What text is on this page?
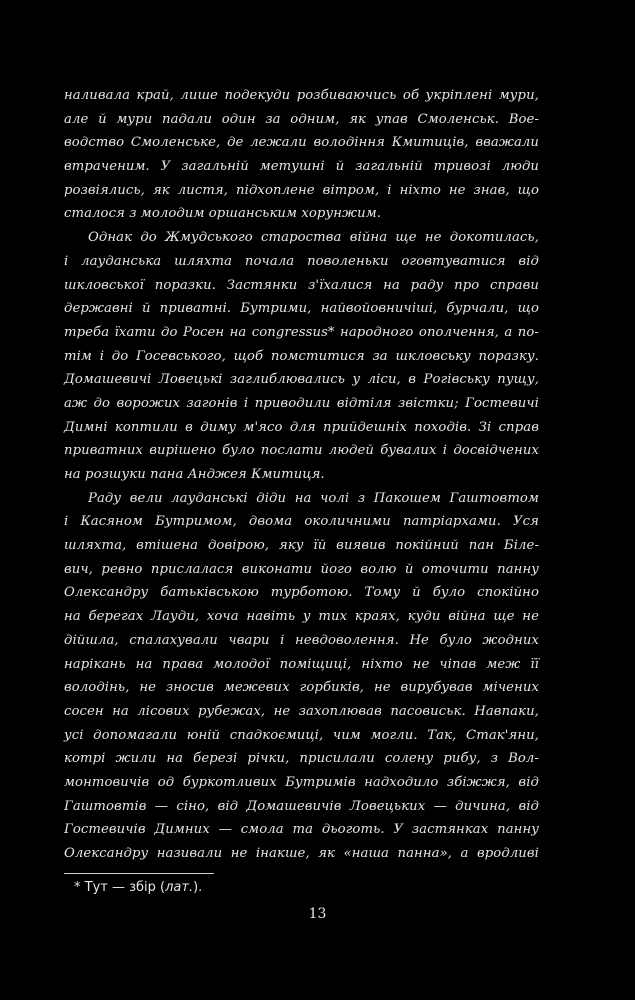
наливала край, лише подекуди розбиваючись об укріплені мури,
але й мури падали один за одним, як упав Смоленськ. Вое-
водство Смоленське, де лежали володіння Кмитиців, вважали
втраченим. У загальній метушні й загальній тривозі люди
розвіялись, як листя, підхоплене вітром, і ніхто не знав, що
сталося з молодим оршанським хорунжим.
Однак до Жмудського староства війна ще не докотилась,
і лауданська шляхта почала поволеньки оговтуватися від
шкловської поразки. Застянки з'їхалися на раду про справи
державні й приватні. Бутрими, найвойовничіші, бурчали, що
треба їхати до Росен на congressus* народного ополчення, а по-
тім і до Госевського, щоб помститися за шкловську поразку.
Домашевичі Ловецькі заглиблювались у ліси, в Рогівську пущу,
аж до ворожих загонів і приводили відтіля звістки; Гостевичі
Димні коптили в диму м'ясо для прийдешніх походів. Зі справ
приватних вирішено було послати людей бувалих і досвідчених
на розшуки пана Анджея Кмитиця.
Раду вели лауданські діди на чолі з Пакошем Гаштовтом
і Касяном Бутримом, двома околичними патріархами. Уся
шляхта, втішена довірою, яку їй виявив покійний пан Біле-
вич, ревно прислалася виконати його волю й оточити панну
Олександру батьківською турботою. Тому й було спокійно
на берегах Лауди, хоча навіть у тих краях, куди війна ще не
дійшла, спалахували чвари і невдоволення. Не було жодних
нарікань на права молодої поміщиці, ніхто не чіпав меж її
володінь, не зносив межевих горбиків, не вирубував мічених
сосен на лісових рубежах, не захоплював пасовиськ. Навпаки,
усі допомагали юній спадкоємиці, чим могли. Так, Стак'яни,
котрі жили на березі річки, присилали солену рибу, з Вол-
монтовичів од буркотливих Бутримів надходило збіжжя, від
Гаштовтів — сіно, від Домашевичів Ловецьких — дичина, від
Гостевичів Димних — смола та дьоготь. У застянках панну
Олександру називали не інакше, як «наша панна», а вродливі
* Тут — збір (лат.).
13
